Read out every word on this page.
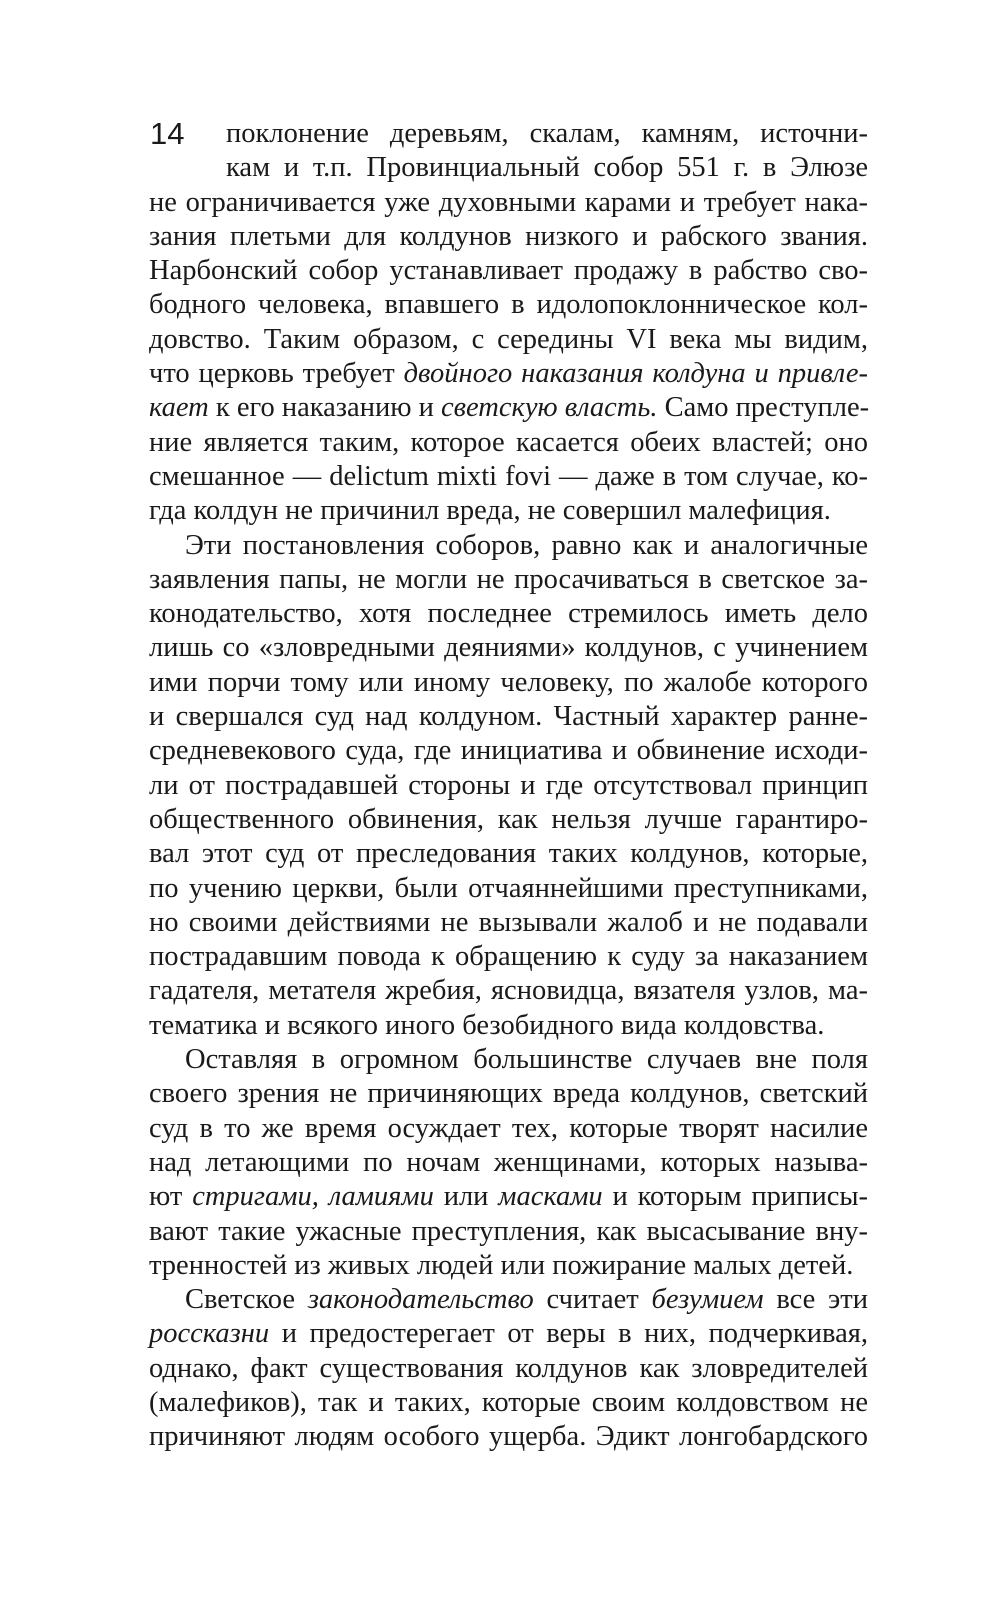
14	поклонение деревьям, скалам, камням, источни-
кам и т.п. Провинциальный собор 551 г. в Элюзе
не ограничивается уже духовными карами и требует нака-
зания плетьми для колдунов низкого и рабского звания.
Нарбонский собор устанавливает продажу в рабство сво-
бодного человека, впавшего в идолопоклонническое кол-
довство. Таким образом, с середины VI века мы видим,
что церковь требует двойного наказания колдуна и привле-
кает к его наказанию и светскую власть. Само преступле-
ние является таким, которое касается обеих властей; оно
смешанное — delictum mixti fovi — даже в том случае, ко-
гда колдун не причинил вреда, не совершил малефиция.
Эти постановления соборов, равно как и аналогичные
заявления папы, не могли не просачиваться в светское за-
конодательство, хотя последнее стремилось иметь дело
лишь со «зловредными деяниями» колдунов, с учинением
ими порчи тому или иному человеку, по жалобе которого
и свершался суд над колдуном. Частный характер ранне-
средневекового суда, где инициатива и обвинение исходи-
ли от пострадавшей стороны и где отсутствовал принцип
общественного обвинения, как нельзя лучше гарантиро-
вал этот суд от преследования таких колдунов, которые,
по учению церкви, были отчаяннейшими преступниками,
но своими действиями не вызывали жалоб и не подавали
пострадавшим повода к обращению к суду за наказанием
гадателя, метателя жребия, ясновидца, вязателя узлов, ма-
тематика и всякого иного безобидного вида колдовства.
Оставляя в огромном большинстве случаев вне поля
своего зрения не причиняющих вреда колдунов, светский
суд в то же время осуждает тех, которые творят насилие
над летающими по ночам женщинами, которых называ-
ют стригами, ламиями или масками и которым приписы-
вают такие ужасные преступления, как высасывание вну-
тренностей из живых людей или пожирание малых детей.
Светское законодательство считает безумием все эти
россказни и предостерегает от веры в них, подчеркивая,
однако, факт существования колдунов как зловредителей
(малефиков), так и таких, которые своим колдовством не
причиняют людям особого ущерба. Эдикт лонгобардского
